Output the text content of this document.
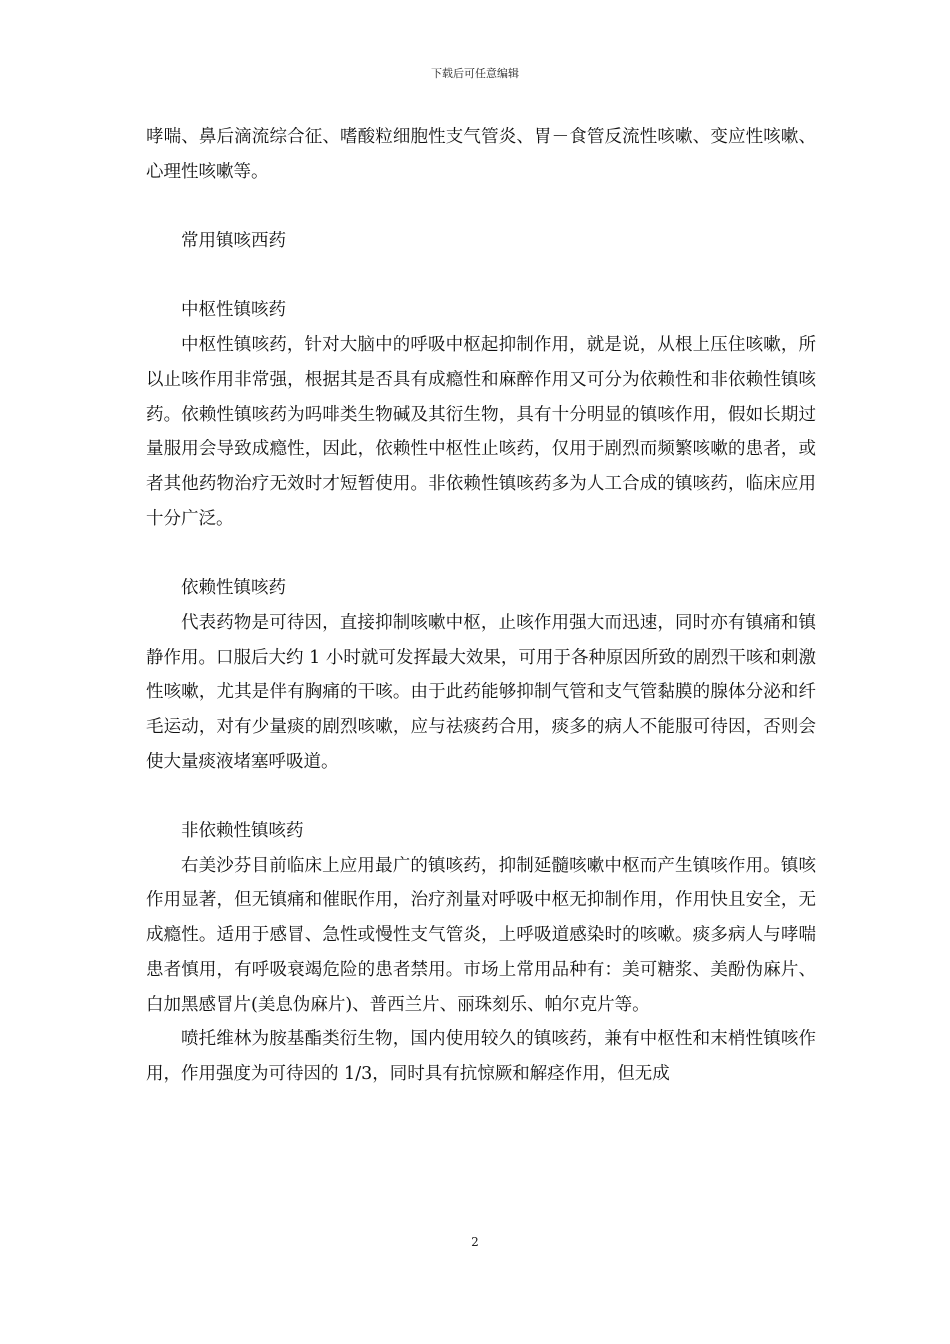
下载后可任意编辑

哮喘、鼻后滴流综合征、嗜酸粒细胞性支气管炎、胃－食管反流性咳嗽、变应性咳嗽、心理性咳嗽等。

常用镇咳西药

中枢性镇咳药

中枢性镇咳药，针对大脑中的呼吸中枢起抑制作用，就是说，从根上压住咳嗽，所以止咳作用非常强，根据其是否具有成瘾性和麻醉作用又可分为依赖性和非依赖性镇咳药。依赖性镇咳药为吗啡类生物碱及其衍生物，具有十分明显的镇咳作用，假如长期过量服用会导致成瘾性，因此，依赖性中枢性止咳药，仅用于剧烈而频繁咳嗽的患者，或者其他药物治疗无效时才短暂使用。非依赖性镇咳药多为人工合成的镇咳药，临床应用十分广泛。

依赖性镇咳药

代表药物是可待因，直接抑制咳嗽中枢，止咳作用强大而迅速，同时亦有镇痛和镇静作用。口服后大约 1 小时就可发挥最大效果，可用于各种原因所致的剧烈干咳和刺激性咳嗽，尤其是伴有胸痛的干咳。由于此药能够抑制气管和支气管黏膜的腺体分泌和纤毛运动，对有少量痰的剧烈咳嗽，应与祛痰药合用，痰多的病人不能服可待因，否则会使大量痰液堵塞呼吸道。

非依赖性镇咳药

右美沙芬目前临床上应用最广的镇咳药，抑制延髓咳嗽中枢而产生镇咳作用。镇咳作用显著，但无镇痛和催眠作用，治疗剂量对呼吸中枢无抑制作用，作用快且安全，无成瘾性。适用于感冒、急性或慢性支气管炎，上呼吸道感染时的咳嗽。痰多病人与哮喘患者慎用，有呼吸衰竭危险的患者禁用。市场上常用品种有：美可糖浆、美酚伪麻片、白加黑感冒片(美息伪麻片)、普西兰片、丽珠刻乐、帕尔克片等。

喷托维林为胺基酯类衍生物，国内使用较久的镇咳药，兼有中枢性和末梢性镇咳作用，作用强度为可待因的 1/3，同时具有抗惊厥和解痉作用，但无成

2
